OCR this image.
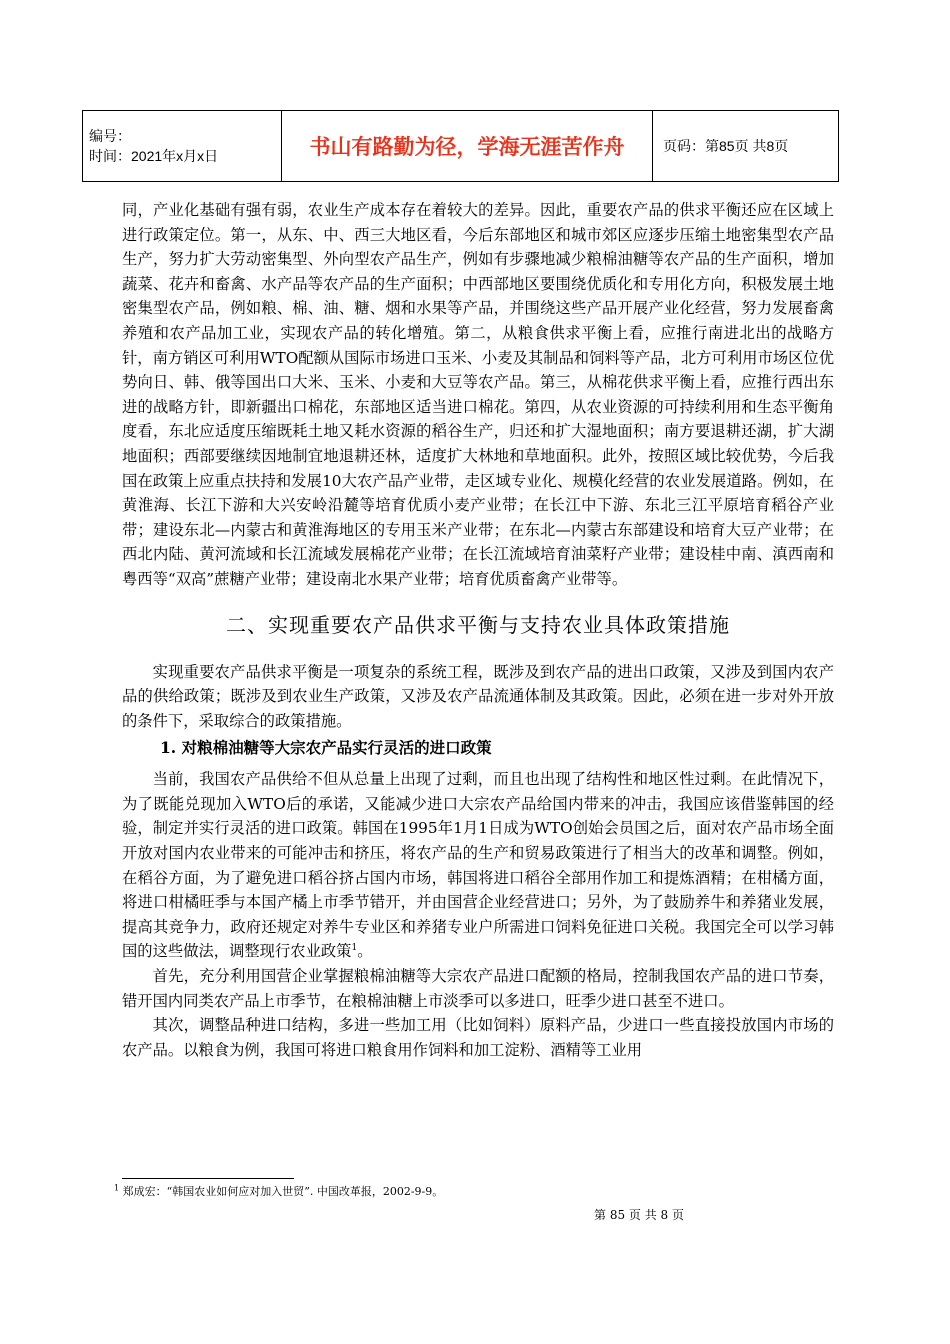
编号：
时间：2021年x月x日	书山有路勤为径，学海无涯苦作舟	页码：第85页 共8页

同，产业化基础有强有弱，农业生产成本存在着较大的差异。因此，重要农产品的供求平衡还应在区域上进行政策定位。第一，从东、中、西三大地区看，今后东部地区和城市郊区应逐步压缩土地密集型农产品生产，努力扩大劳动密集型、外向型农产品生产，例如有步骤地减少粮棉油糖等农产品的生产面积，增加蔬菜、花卉和畜禽、水产品等农产品的生产面积；中西部地区要围绕优质化和专用化方向，积极发展土地密集型农产品，例如粮、棉、油、糖、烟和水果等产品，并围绕这些产品开展产业化经营，努力发展畜禽养殖和农产品加工业，实现农产品的转化增殖。第二，从粮食供求平衡上看，应推行南进北出的战略方针，南方销区可利用WTO配额从国际市场进口玉米、小麦及其制品和饲料等产品，北方可利用市场区位优势向日、韩、俄等国出口大米、玉米、小麦和大豆等农产品。第三，从棉花供求平衡上看，应推行西出东进的战略方针，即新疆出口棉花，东部地区适当进口棉花。第四，从农业资源的可持续利用和生态平衡角度看，东北应适度压缩既耗土地又耗水资源的稻谷生产，归还和扩大湿地面积；南方要退耕还湖，扩大湖地面积；西部要继续因地制宜地退耕还林，适度扩大林地和草地面积。此外，按照区域比较优势，今后我国在政策上应重点扶持和发展10大农产品产业带，走区域专业化、规模化经营的农业发展道路。例如，在黄淮海、长江下游和大兴安岭沿麓等培育优质小麦产业带；在长江中下游、东北三江平原培育稻谷产业带；建设东北—内蒙古和黄淮海地区的专用玉米产业带；在东北—内蒙古东部建设和培育大豆产业带；在西北内陆、黄河流域和长江流域发展棉花产业带；在长江流域培育油菜籽产业带；建设桂中南、滇西南和粤西等“双高”蔗糖产业带；建设南北水果产业带；培育优质畜禽产业带等。

二、实现重要农产品供求平衡与支持农业具体政策措施

实现重要农产品供求平衡是一项复杂的系统工程，既涉及到农产品的进出口政策，又涉及到国内农产品的供给政策；既涉及到农业生产政策，又涉及农产品流通体制及其政策。因此，必须在进一步对外开放的条件下，采取综合的政策措施。

1. 对粮棉油糖等大宗农产品实行灵活的进口政策

当前，我国农产品供给不但从总量上出现了过剩，而且也出现了结构性和地区性过剩。在此情况下，为了既能兑现加入WTO后的承诺，又能减少进口大宗农产品给国内带来的冲击，我国应该借鉴韩国的经验，制定并实行灵活的进口政策。韩国在1995年1月1日成为WTO创始会员国之后，面对农产品市场全面开放对国内农业带来的可能冲击和挤压，将农产品的生产和贸易政策进行了相当大的改革和调整。例如，在稻谷方面，为了避免进口稻谷挤占国内市场，韩国将进口稻谷全部用作加工和提炼酒精；在柑橘方面，将进口柑橘旺季与本国产橘上市季节错开，并由国营企业经营进口；另外，为了鼓励养牛和养猪业发展，提高其竞争力，政府还规定对养牛专业区和养猪专业户所需进口饲料免征进口关税。我国完全可以学习韩国的这些做法，调整现行农业政策$^1$。

首先，充分利用国营企业掌握粮棉油糖等大宗农产品进口配额的格局，控制我国农产品的进口节奏，错开国内同类农产品上市季节，在粮棉油糖上市淡季可以多进口，旺季少进口甚至不进口。

其次，调整品种进口结构，多进一些加工用（比如饲料）原料产品，少进口一些直接投放国内市场的农产品。以粮食为例，我国可将进口粮食用作饲料和加工淀粉、酒精等工业用

$^1$ 郑成宏：“韩国农业如何应对加入世贸”. 中国改革报，2002-9-9。
第 85 页 共 8 页
